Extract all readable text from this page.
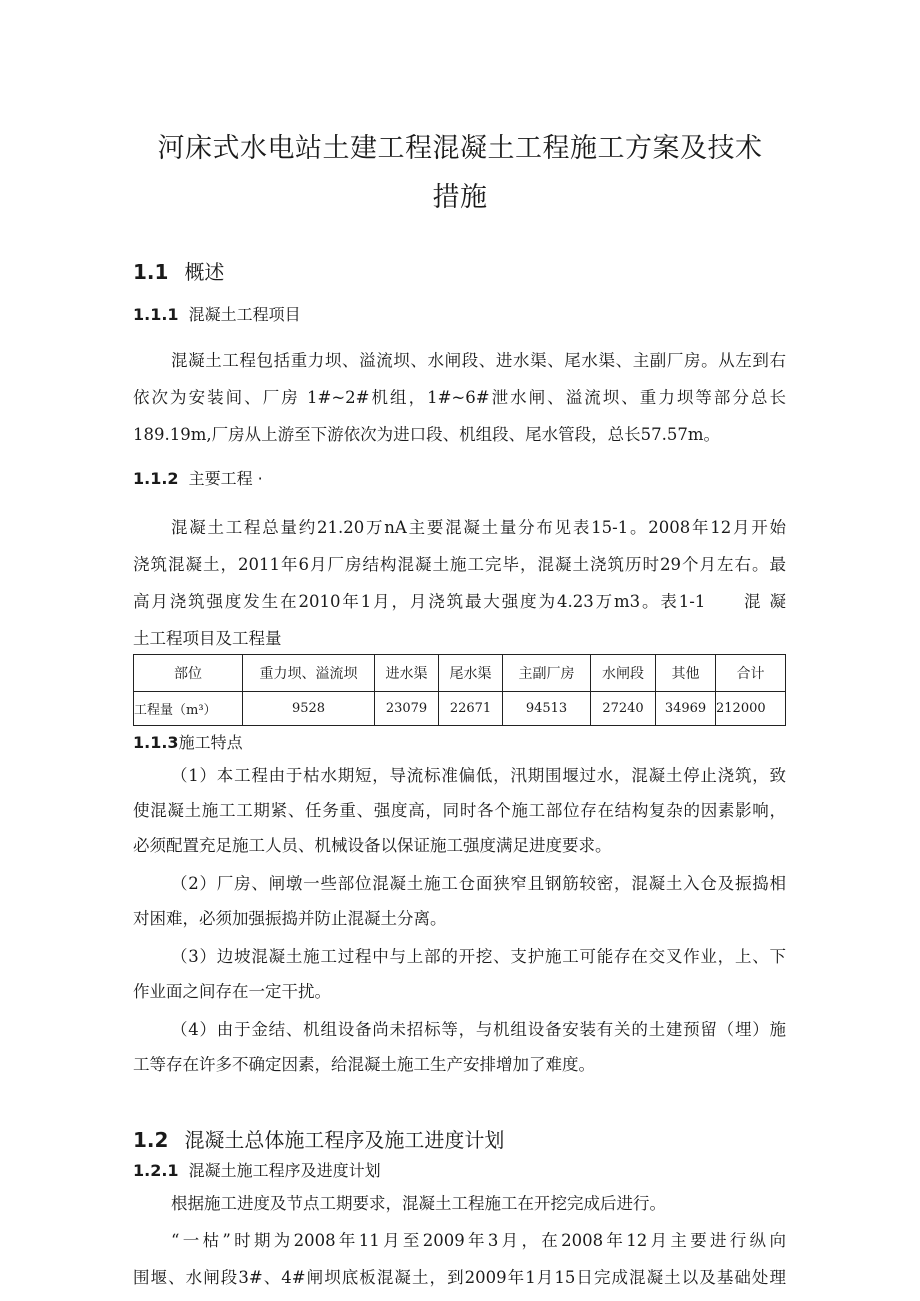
河床式水电站土建工程混凝土工程施工方案及技术
措施
1.1 概述
1.1.1 混凝土工程项目

混凝土工程包括重力坝、溢流坝、水闸段、进水渠、尾水渠、主副厂房。从左到右

依次为安装间、厂房 1#~2#机组，1#~6#泄水闸、溢流坝、重力坝等部分总长

189.19m,厂房从上游至下游依次为进口段、机组段、尾水管段，总长57.57m。

1.1.2 主要工程 ·

混凝土工程总量约21.20万nA主要混凝土量分布见表15-1。2008年12月开始

浇筑混凝土，2011年6月厂房结构混凝土施工完毕，混凝土浇筑历时29个月左右。最

高月浇筑强度发生在2010年1月，月浇筑最大强度为4.23万m3。表1-1　　混 凝

土工程项目及工程量

部位	重力坝、溢流坝	进水渠	尾水渠	主副厂房	水闸段	其他	合计
工程量（m³）	9528	23079	22671	94513	27240	34969	212000
1.1.3施工特点

（1）本工程由于枯水期短，导流标准偏低，汛期围堰过水，混凝土停止浇筑，致

使混凝土施工工期紧、任务重、强度高，同时各个施工部位存在结构复杂的因素影响，

必须配置充足施工人员、机械设备以保证施工强度满足进度要求。

（2）厂房、闸墩一些部位混凝土施工仓面狭窄且钢筋较密，混凝土入仓及振捣相

对困难，必须加强振捣并防止混凝土分离。

（3）边坡混凝土施工过程中与上部的开挖、支护施工可能存在交叉作业，上、下

作业面之间存在一定干扰。

（4）由于金结、机组设备尚未招标等，与机组设备安装有关的土建预留（埋）施

工等存在许多不确定因素，给混凝土施工生产安排增加了难度。

1.2 混凝土总体施工程序及施工进度计划
1.2.1 混凝土施工程序及进度计划

根据施工进度及节点工期要求，混凝土工程施工在开挖完成后进行。

“一枯”时期为2008年11月至2009年3月，在2008年12月主要进行纵向

围堰、水闸段3#、4#闸坝底板混凝土，到2009年1月15日完成混凝土以及基础处理
